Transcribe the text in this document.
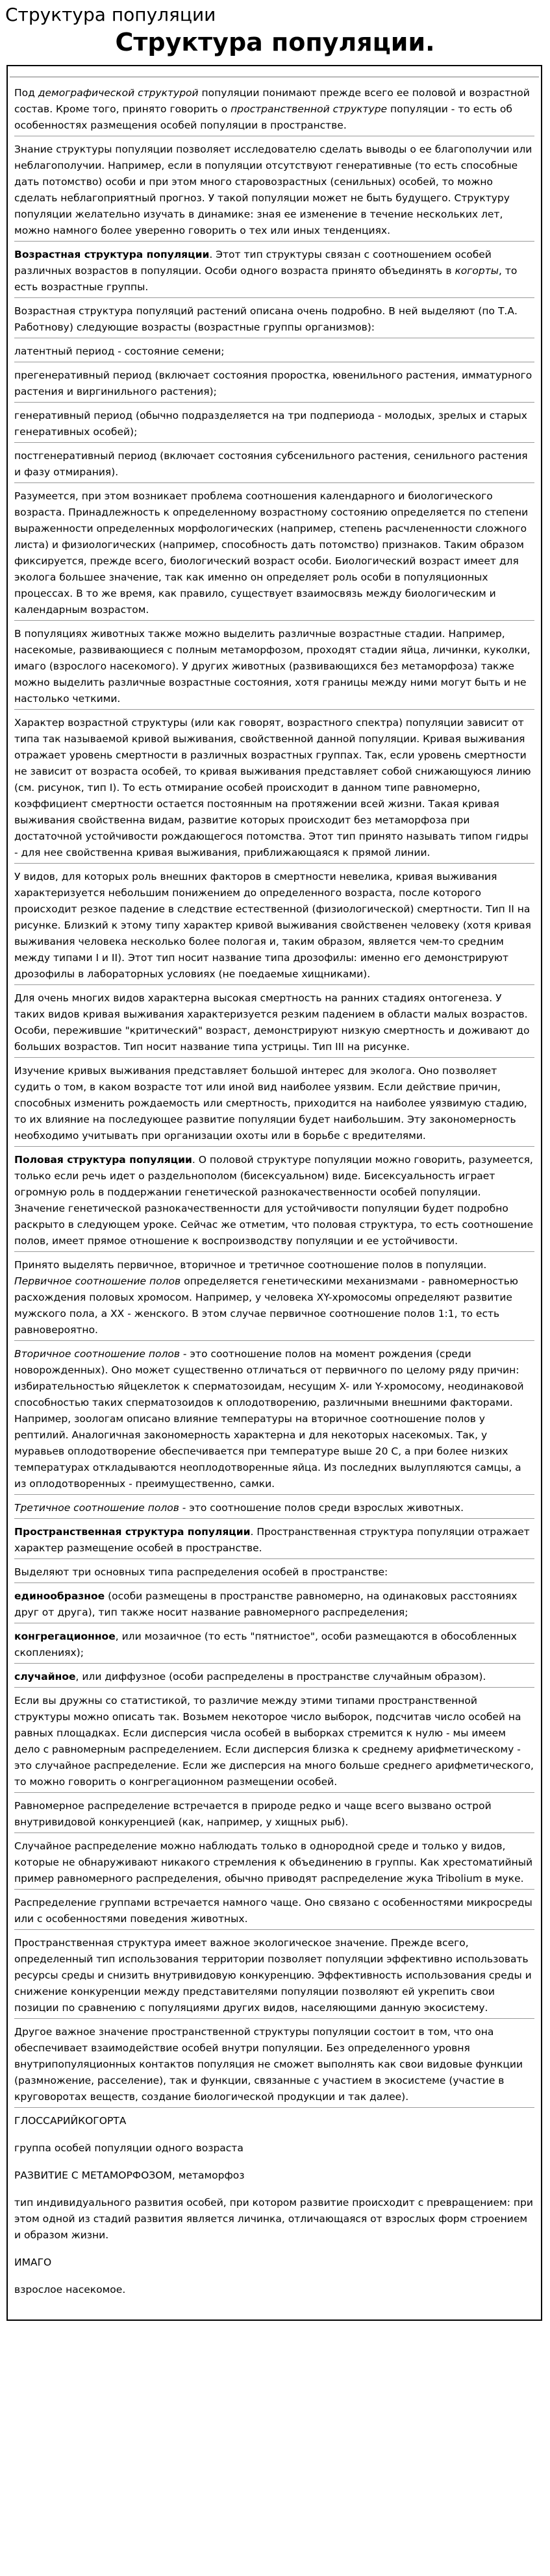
Структура популяции
Структура популяции.

Под демографической структурой популяции понимают прежде всего ее половой и возрастной состав. Кроме того, принято говорить о пространственной структуре популяции - то есть об особенностях размещения особей популяции в пространстве.

Знание структуры популяции позволяет исследователю сделать выводы о ее благополучии или неблагополучии. Например, если в популяции отсутствуют генеративные (то есть способные дать потомство) особи и при этом много старовозрастных (сенильных) особей, то можно сделать неблагоприятный прогноз. У такой популяции может не быть будущего. Структуру популяции желательно изучать в динамике: зная ее изменение в течение нескольких лет, можно намного более уверенно говорить о тех или иных тенденциях.

Возрастная структура популяции. Этот тип структуры связан с соотношением особей различных возрастов в популяции. Особи одного возраста принято объединять в когорты, то есть возрастные группы.

Возрастная структура популяций растений описана очень подробно. В ней выделяют (по Т.А. Работнову) следующие возрасты (возрастные группы организмов):

латентный период - состояние семени;

прегенеративный период (включает состояния проростка, ювенильного растения, имматурного растения и виргинильного растения);

генеративный период (обычно подразделяется на три подпериода - молодых, зрелых и старых генеративных особей);

постгенеративный период (включает состояния субсенильного растения, сенильного растения и фазу отмирания).

Разумеется, при этом возникает проблема соотношения календарного и биологического возраста. Принадлежность к определенному возрастному состоянию определяется по степени выраженности определенных морфологических (например, степень расчлененности сложного листа) и физиологических (например, способность дать потомство) признаков. Таким образом фиксируется, прежде всего, биологический возраст особи. Биологический возраст имеет для эколога большее значение, так как именно он определяет роль особи в популяционных процессах. В то же время, как правило, существует взаимосвязь между биологическим и календарным возрастом.

В популяциях животных также можно выделить различные возрастные стадии. Например, насекомые, развивающиеся с полным метаморфозом, проходят стадии яйца, личинки, куколки, имаго (взрослого насекомого). У других животных (развивающихся без метаморфоза) также можно выделить различные возрастные состояния, хотя границы между ними могут быть и не настолько четкими.

Характер возрастной структуры (или как говорят, возрастного спектра) популяции зависит от типа так называемой кривой выживания, свойственной данной популяции. Кривая выживания отражает уровень смертности в различных возрастных группах. Так, если уровень смертности не зависит от возраста особей, то кривая выживания представляет собой снижающуюся линию (см. рисунок, тип I). То есть отмирание особей происходит в данном типе равномерно, коэффициент смертности остается постоянным на протяжении всей жизни. Такая кривая выживания свойственна видам, развитие которых происходит без метаморфоза при достаточной устойчивости рождающегося потомства. Этот тип принято называть типом гидры - для нее свойственна кривая выживания, приближающаяся к прямой линии.

У видов, для которых роль внешних факторов в смертности невелика, кривая выживания характеризуется небольшим понижением до определенного возраста, после которого происходит резкое падение в следствие естественной (физиологической) смертности. Тип II на рисунке. Близкий к этому типу характер кривой выживания свойственен человеку (хотя кривая выживания человека несколько более пологая и, таким образом, является чем-то средним между типами I и II). Этот тип носит название типа дрозофилы: именно его демонстрируют дрозофилы в лабораторных условиях (не поедаемые хищниками).

Для очень многих видов характерна высокая смертность на ранних стадиях онтогенеза. У таких видов кривая выживания характеризуется резким падением в области малых возрастов. Особи, пережившие "критический" возраст, демонстрируют низкую смертность и доживают до больших возрастов. Тип носит название типа устрицы. Тип III на рисунке.

Изучение кривых выживания представляет большой интерес для эколога. Оно позволяет судить о том, в каком возрасте тот или иной вид наиболее уязвим. Если действие причин, способных изменить рождаемость или смертность, приходится на наиболее уязвимую стадию, то их влияние на последующее развитие популяции будет наибольшим. Эту закономерность необходимо учитывать при организации охоты или в борьбе с вредителями.

Половая структура популяции. О половой структуре популяции можно говорить, разумеется, только если речь идет о раздельнополом (бисексуальном) виде. Бисексуальность играет огромную роль в поддержании генетической разнокачественности особей популяции. Значение генетической разнокачественности для устойчивости популяции будет подробно раскрыто в следующем уроке. Сейчас же отметим, что половая структура, то есть соотношение полов, имеет прямое отношение к воспроизводству популяции и ее устойчивости.

Принято выделять первичное, вторичное и третичное соотношение полов в популяции. Первичное соотношение полов определяется генетическими механизмами - равномерностью расхождения половых хромосом. Например, у человека XY-хромосомы определяют развитие мужского пола, а XX - женского. В этом случае первичное соотношение полов 1:1, то есть равновероятно.

Вторичное соотношение полов - это соотношение полов на момент рождения (среди новорожденных). Оно может существенно отличаться от первичного по целому ряду причин: избирательностью яйцеклеток к сперматозоидам, несущим X- или Y-хромосому, неодинаковой способностью таких сперматозоидов к оплодотворению, различными внешними факторами. Например, зоологам описано влияние температуры на вторичное соотношение полов у рептилий. Аналогичная закономерность характерна и для некоторых насекомых. Так, у муравьев оплодотворение обеспечивается при температуре выше 20 С, а при более низких температурах откладываются неоплодотворенные яйца. Из последних вылупляются самцы, а из оплодотворенных - преимущественно, самки.

Третичное соотношение полов - это соотношение полов среди взрослых животных.

Пространственная структура популяции. Пространственная структура популяции отражает характер размещение особей в пространстве.

Выделяют три основных типа распределения особей в пространстве:

единообразное (особи размещены в пространстве равномерно, на одинаковых расстояниях друг от друга), тип также носит название равномерного распределения;

конгрегационное, или мозаичное (то есть "пятнистое", особи размещаются в обособленных скоплениях);

случайное, или диффузное (особи распределены в пространстве случайным образом).

Если вы дружны со статистикой, то различие между этими типами пространственной структуры можно описать так. Возьмем некоторое число выборок, подсчитав число особей на равных площадках. Если дисперсия числа особей в выборках стремится к нулю - мы имеем дело с равномерным распределением. Если дисперсия близка к среднему арифметическому - это случайное распределение. Если же дисперсия на много больше среднего арифметического, то можно говорить о конгрегационном размещении особей.

Равномерное распределение встречается в природе редко и чаще всего вызвано острой внутривидовой конкуренцией (как, например, у хищных рыб).

Случайное распределение можно наблюдать только в однородной среде и только у видов, которые не обнаруживают никакого стремления к объединению в группы. Как хрестоматийный пример равномерного распределения, обычно приводят распределение жука Tribolium в муке.

Распределение группами встречается намного чаще. Оно связано с особенностями микросреды или с особенностями поведения животных.

Пространственная структура имеет важное экологическое значение. Прежде всего, определенный тип использования территории позволяет популяции эффективно использовать ресурсы среды и снизить внутривидовую конкуренцию. Эффективность использования среды и снижение конкуренции между представителями популяции позволяют ей укрепить свои позиции по сравнению с популяциями других видов, населяющими данную экосистему.

Другое важное значение пространственной структуры популяции состоит в том, что она обеспечивает взаимодействие особей внутри популяции. Без определенного уровня внутрипопуляционных контактов популяция не сможет выполнять как свои видовые функции (размножение, расселение), так и функции, связанные с участием в экосистеме (участие в круговоротах веществ, создание биологической продукции и так далее).

ГЛОССАРИЙКОГОРТА

группа особей популяции одного возраста

РАЗВИТИЕ С МЕТАМОРФОЗОМ, метаморфоз

тип индивидуального развития особей, при котором развитие происходит с превращением: при этом одной из стадий развития является личинка, отличающаяся от взрослых форм строением и образом жизни.

ИМАГО

взрослое насекомое.
